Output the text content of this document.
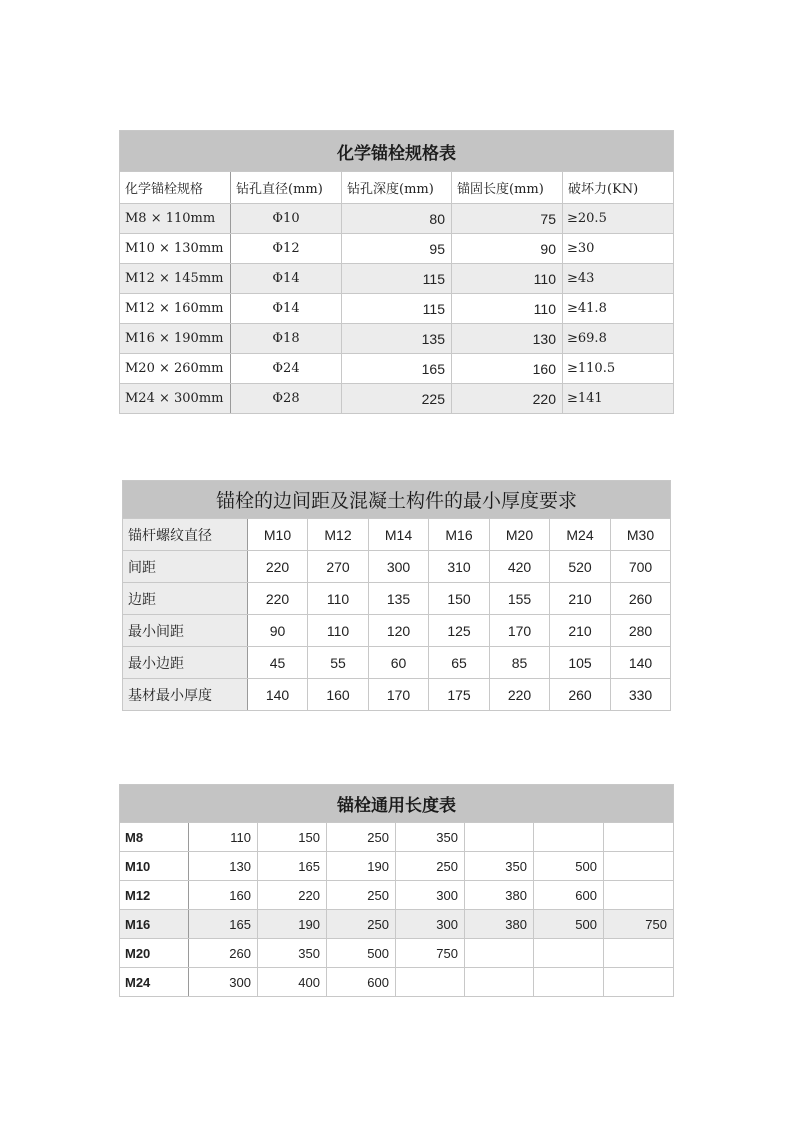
化学锚栓规格表				
化学锚栓规格	钻孔直径(mm)	钻孔深度(mm)	锚固长度(mm)	破坏力(KN)
M8 × 110mm	Φ10	80	75	≥20.5
M10 × 130mm	Φ12	95	90	≥30
M12 × 145mm	Φ14	115	110	≥43
M12 × 160mm	Φ14	115	110	≥41.8
M16 × 190mm	Φ18	135	130	≥69.8
M20 × 260mm	Φ24	165	160	≥110.5
M24 × 300mm	Φ28	225	220	≥141
锚栓的边间距及混凝土构件的最小厚度要求							
锚杆螺纹直径	M10	M12	M14	M16	M20	M24	M30
间距	220	270	300	310	420	520	700
边距	220	110	135	150	155	210	260
最小间距	90	110	120	125	170	210	280
最小边距	45	55	60	65	85	105	140
基材最小厚度	140	160	170	175	220	260	330
锚栓通用长度表							
M8	110	150	250	350			
M10	130	165	190	250	350	500	
M12	160	220	250	300	380	600	
M16	165	190	250	300	380	500	750
M20	260	350	500	750			
M24	300	400	600				
